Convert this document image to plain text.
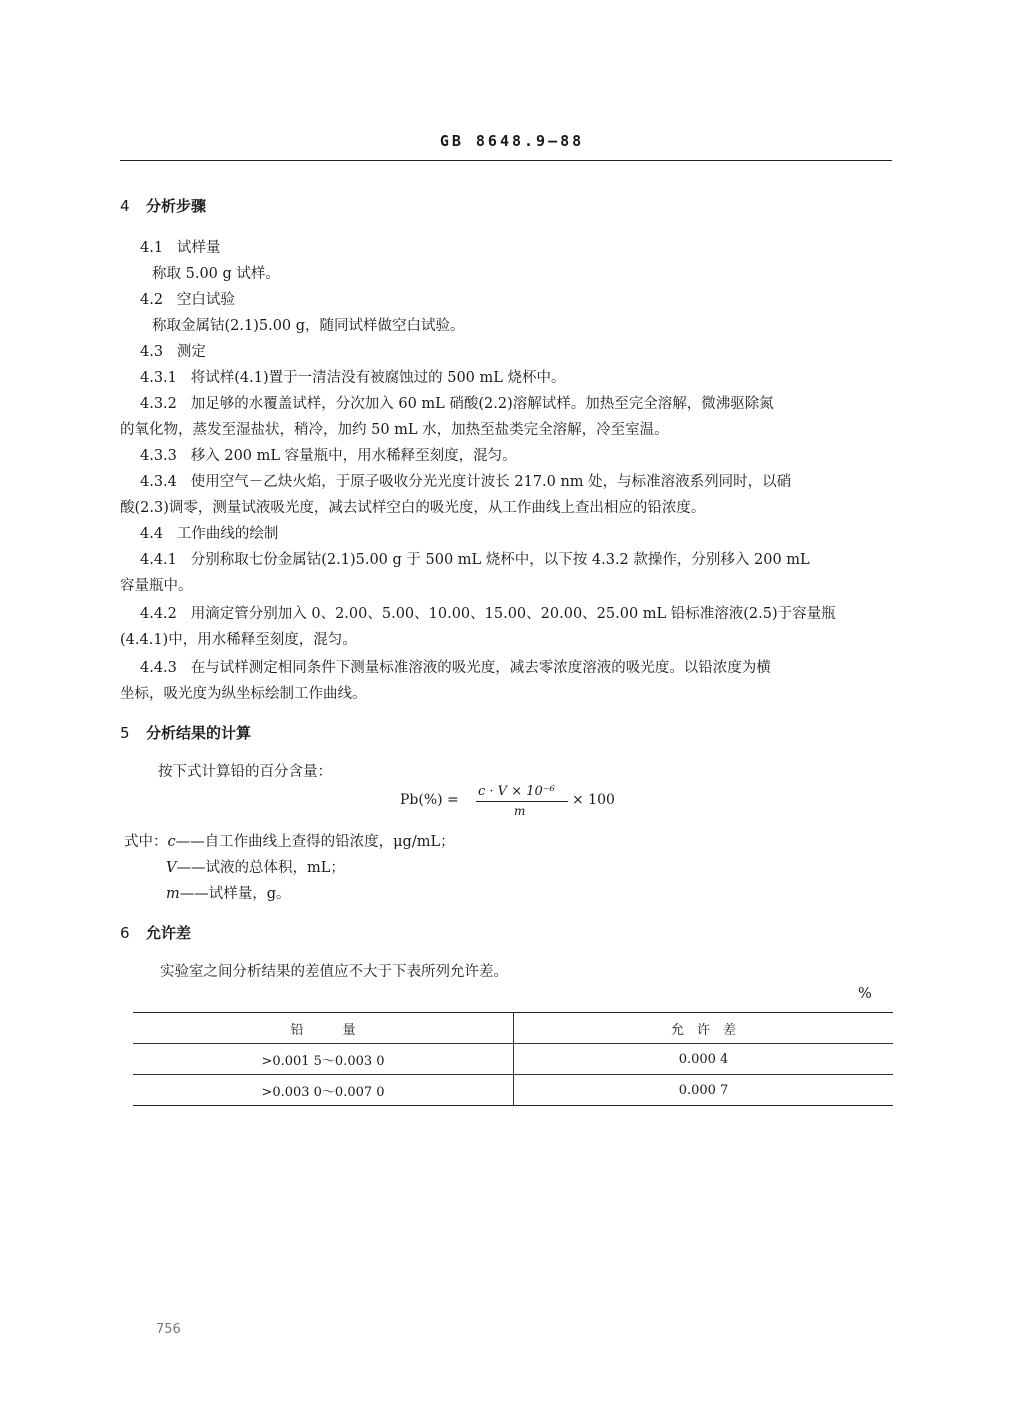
GB 8648.9—88
4 分析步骤
4.1 试样量
称取 5.00 g 试样。
4.2 空白试验
称取金属钴(2.1)5.00 g，随同试样做空白试验。
4.3 测定
4.3.1 将试样(4.1)置于一清洁没有被腐蚀过的 500 mL 烧杯中。
4.3.2 加足够的水覆盖试样，分次加入 60 mL 硝酸(2.2)溶解试样。加热至完全溶解，微沸驱除氮
的氧化物，蒸发至湿盐状，稍冷，加约 50 mL 水，加热至盐类完全溶解，冷至室温。
4.3.3 移入 200 mL 容量瓶中，用水稀释至刻度，混匀。
4.3.4 使用空气－乙炔火焰，于原子吸收分光光度计波长 217.0 nm 处，与标准溶液系列同时，以硝
酸(2.3)调零，测量试液吸光度，减去试样空白的吸光度，从工作曲线上查出相应的铅浓度。
4.4 工作曲线的绘制
4.4.1 分别称取七份金属钴(2.1)5.00 g 于 500 mL 烧杯中，以下按 4.3.2 款操作，分别移入 200 mL
容量瓶中。
4.4.2 用滴定管分别加入 0、2.00、5.00、10.00、15.00、20.00、25.00 mL 铅标准溶液(2.5)于容量瓶
(4.4.1)中，用水稀释至刻度，混匀。
4.4.3 在与试样测定相同条件下测量标准溶液的吸光度，减去零浓度溶液的吸光度。以铅浓度为横
坐标，吸光度为纵坐标绘制工作曲线。
5 分析结果的计算
按下式计算铅的百分含量：
Pb(%) =
c · V × 10⁻⁶
m
× 100
式中：c——自工作曲线上查得的铅浓度，μg/mL；
V——试液的总体积，mL；
m——试样量，g。
6 允许差
实验室之间分析结果的差值应不大于下表所列允许差。
%
铅　　　量	允　许　差
>0.001 5～0.003 0	0.000 4
>0.003 0～0.007 0	0.000 7
756
